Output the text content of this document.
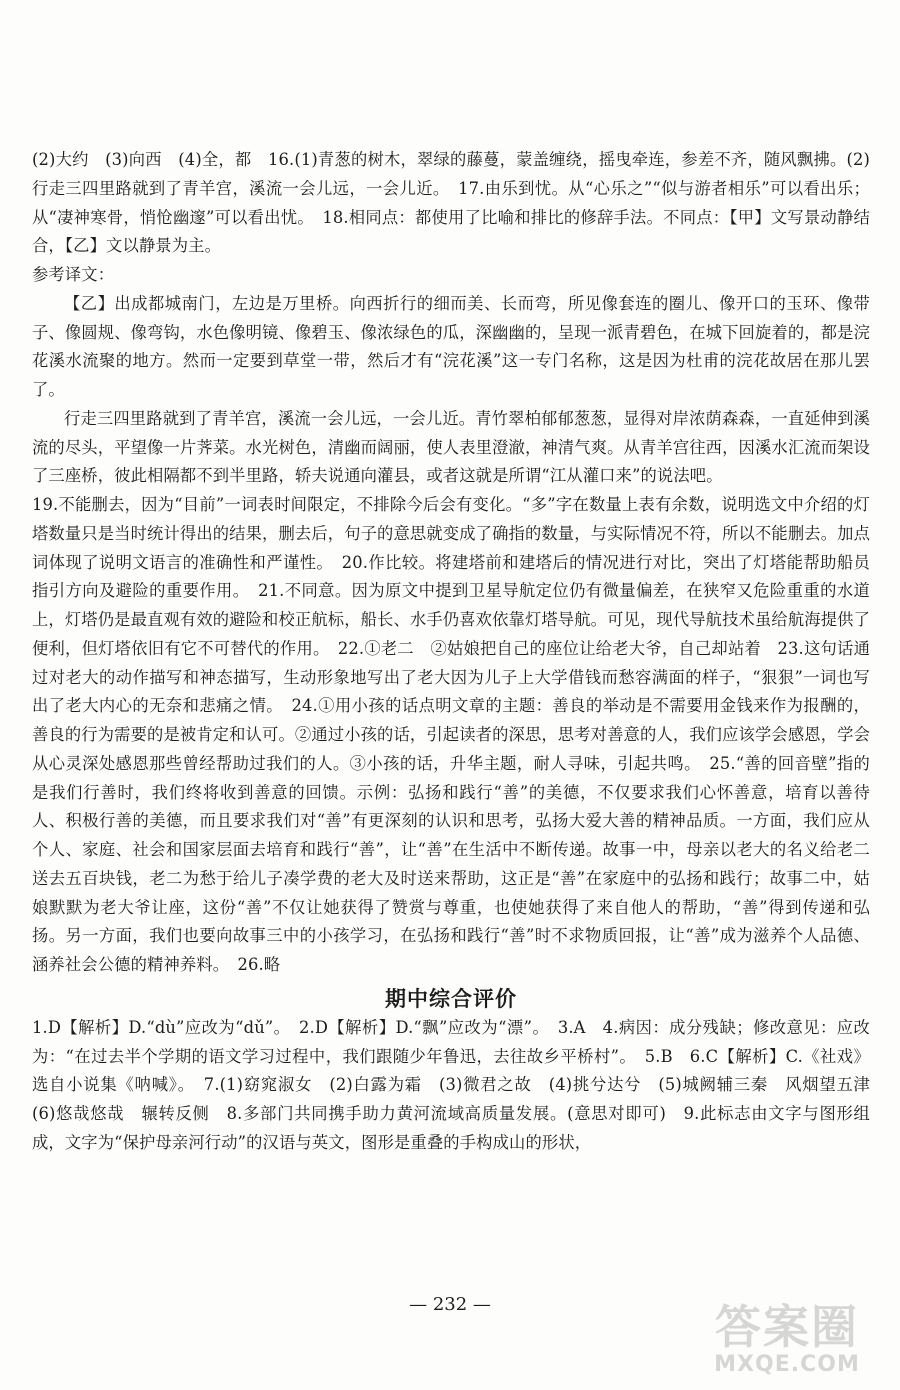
(2)大约　(3)向西　(4)全，都　16.(1)青葱的树木，翠绿的藤蔓，蒙盖缠绕，摇曳牵连，参差不齐，随风飘拂。(2)行走三四里路就到了青羊宫，溪流一会儿远，一会儿近。　17.由乐到忧。从“心乐之”“似与游者相乐”可以看出乐；从“凄神寒骨，悄怆幽邃”可以看出忧。　18.相同点：都使用了比喻和排比的修辞手法。不同点：【甲】文写景动静结合，【乙】文以静景为主。

参考译文：

【乙】出成都城南门，左边是万里桥。向西折行的细而美、长而弯，所见像套连的圈儿、像开口的玉环、像带子、像圆规、像弯钩，水色像明镜、像碧玉、像浓绿色的瓜，深幽幽的，呈现一派青碧色，在城下回旋着的，都是浣花溪水流聚的地方。然而一定要到草堂一带，然后才有“浣花溪”这一专门名称，这是因为杜甫的浣花故居在那儿罢了。

行走三四里路就到了青羊宫，溪流一会儿远，一会儿近。青竹翠柏郁郁葱葱，显得对岸浓荫森森，一直延伸到溪流的尽头，平望像一片荠菜。水光树色，清幽而阔丽，使人表里澄澈，神清气爽。从青羊宫往西，因溪水汇流而架设了三座桥，彼此相隔都不到半里路，轿夫说通向灌县，或者这就是所谓“江从灌口来”的说法吧。

19.不能删去，因为“目前”一词表时间限定，不排除今后会有变化。“多”字在数量上表有余数，说明选文中介绍的灯塔数量只是当时统计得出的结果，删去后，句子的意思就变成了确指的数量，与实际情况不符，所以不能删去。加点词体现了说明文语言的准确性和严谨性。　20.作比较。将建塔前和建塔后的情况进行对比，突出了灯塔能帮助船员指引方向及避险的重要作用。　21.不同意。因为原文中提到卫星导航定位仍有微量偏差，在狭窄又危险重重的水道上，灯塔仍是最直观有效的避险和校正航标，船长、水手仍喜欢依靠灯塔导航。可见，现代导航技术虽给航海提供了便利，但灯塔依旧有它不可替代的作用。　22.①老二　②姑娘把自己的座位让给老大爷，自己却站着　23.这句话通过对老大的动作描写和神态描写，生动形象地写出了老大因为儿子上大学借钱而愁容满面的样子，“狠狠”一词也写出了老大内心的无奈和悲痛之情。　24.①用小孩的话点明文章的主题：善良的举动是不需要用金钱来作为报酬的，善良的行为需要的是被肯定和认可。②通过小孩的话，引起读者的深思，思考对善意的人，我们应该学会感恩，学会从心灵深处感恩那些曾经帮助过我们的人。③小孩的话，升华主题，耐人寻味，引起共鸣。　25.“善的回音壁”指的是我们行善时，我们终将收到善意的回馈。示例：弘扬和践行“善”的美德，不仅要求我们心怀善意，培育以善待人、积极行善的美德，而且要求我们对“善”有更深刻的认识和思考，弘扬大爱大善的精神品质。一方面，我们应从个人、家庭、社会和国家层面去培育和践行“善”，让“善”在生活中不断传递。故事一中，母亲以老大的名义给老二送去五百块钱，老二为愁于给儿子凑学费的老大及时送来帮助，这正是“善”在家庭中的弘扬和践行；故事二中，姑娘默默为老大爷让座，这份“善”不仅让她获得了赞赏与尊重，也使她获得了来自他人的帮助，“善”得到传递和弘扬。另一方面，我们也要向故事三中的小孩学习，在弘扬和践行“善”时不求物质回报，让“善”成为滋养个人品德、涵养社会公德的精神养料。　26.略

期中综合评价

1.D【解析】D.“dù”应改为“dǔ”。　2.D【解析】D.“飘”应改为“漂”。　3.A　4.病因：成分残缺；修改意见：应改为：“在过去半个学期的语文学习过程中，我们跟随少年鲁迅，去往故乡平桥村”。　5.B　6.C【解析】C.《社戏》选自小说集《呐喊》。　7.(1)窈窕淑女　(2)白露为霜　(3)微君之故　(4)挑兮达兮　(5)城阙辅三秦　风烟望五津　(6)悠哉悠哉　辗转反侧　8.多部门共同携手助力黄河流域高质量发展。(意思对即可)　9.此标志由文字与图形组成，文字为“保护母亲河行动”的汉语与英文，图形是重叠的手构成山的形状，

— 232 —	答案圈
MXQE.COM
